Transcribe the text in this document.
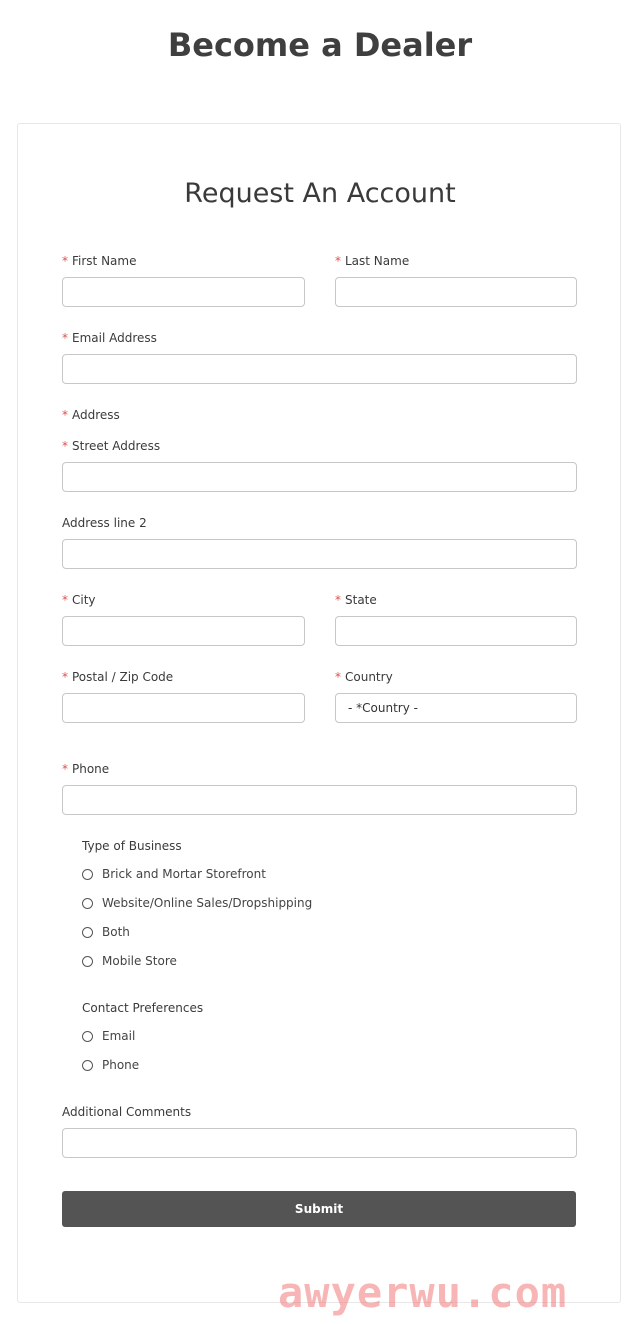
Become a Dealer
Request An Account
* First Name	* Last Name
* Email Address
* Address
* Street Address
Address line 2
* City	* State
* Postal / Zip Code	* Country
- *Country -
* Phone
Type of Business
Brick and Mortar Storefront
Website/Online Sales/Dropshipping
Both
Mobile Store
Contact Preferences
Email
Phone
Additional Comments
Submit
awyerwu.com
